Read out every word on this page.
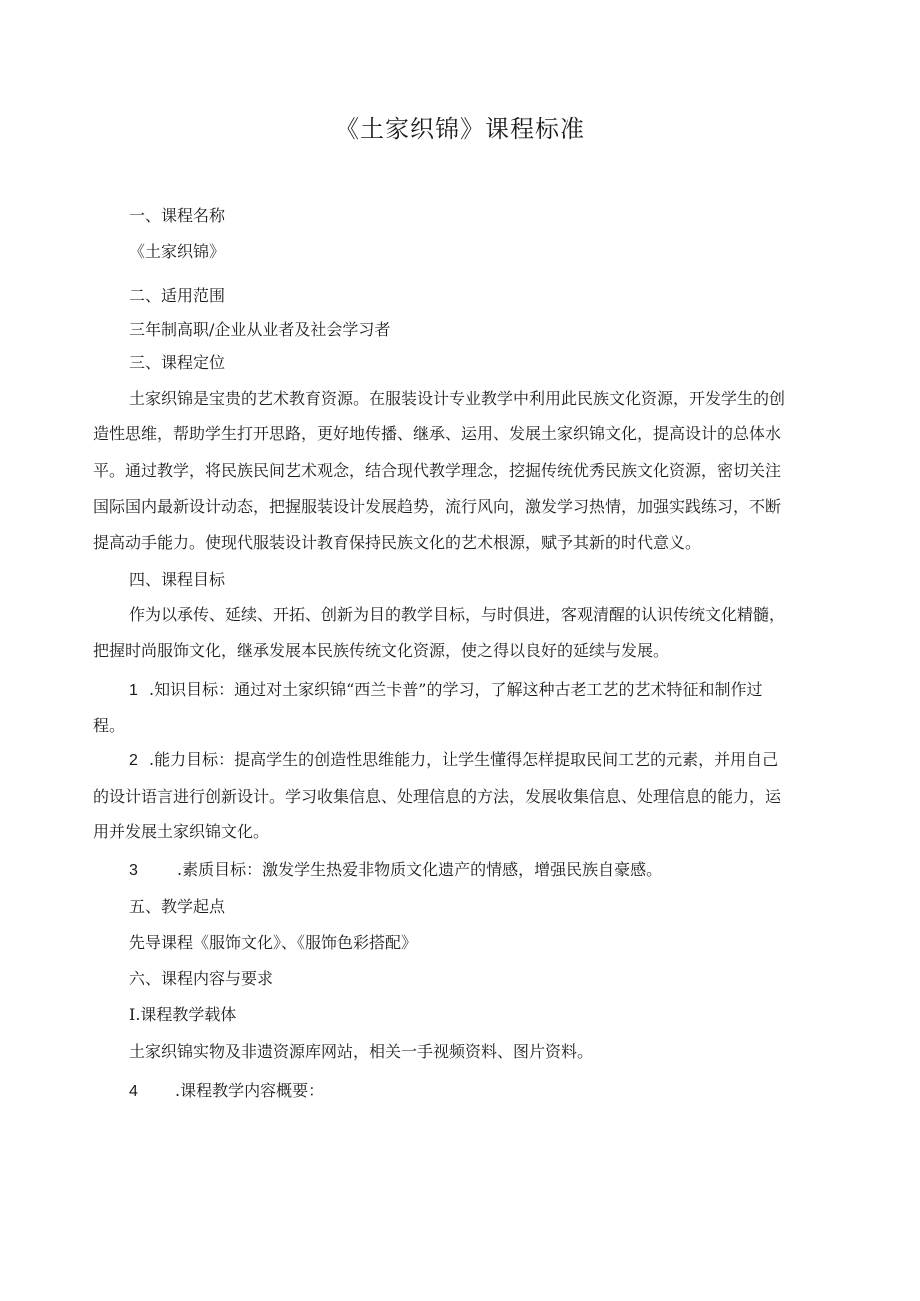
《土家织锦》课程标准
一、课程名称
《土家织锦》
二、适用范围
三年制高职/企业从业者及社会学习者
三、课程定位
土家织锦是宝贵的艺术教育资源。在服装设计专业教学中利用此民族文化资源，开发学生的创
造性思维，帮助学生打开思路，更好地传播、继承、运用、发展土家织锦文化，提高设计的总体水
平。通过教学，将民族民间艺术观念，结合现代教学理念，挖掘传统优秀民族文化资源，密切关注
国际国内最新设计动态，把握服装设计发展趋势，流行风向，激发学习热情，加强实践练习，不断
提高动手能力。使现代服装设计教育保持民族文化的艺术根源，赋予其新的时代意义。
四、课程目标
作为以承传、延续、开拓、创新为目的教学目标，与时俱进，客观清醒的认识传统文化精髓，
把握时尚服饰文化，继承发展本民族传统文化资源，使之得以良好的延续与发展。
1 .知识目标：通过对土家织锦“西兰卡普”的学习，了解这种古老工艺的艺术特征和制作过
程。
2 .能力目标：提高学生的创造性思维能力，让学生懂得怎样提取民间工艺的元素，并用自己
的设计语言进行创新设计。学习收集信息、处理信息的方法，发展收集信息、处理信息的能力，运
用并发展土家织锦文化。
3 .素质目标：激发学生热爱非物质文化遗产的情感，增强民族自豪感。
五、教学起点
先导课程《服饰文化》、《服饰色彩搭配》
六、课程内容与要求
I.课程教学载体
土家织锦实物及非遗资源库网站，相关一手视频资料、图片资料。
4 .课程教学内容概要：
